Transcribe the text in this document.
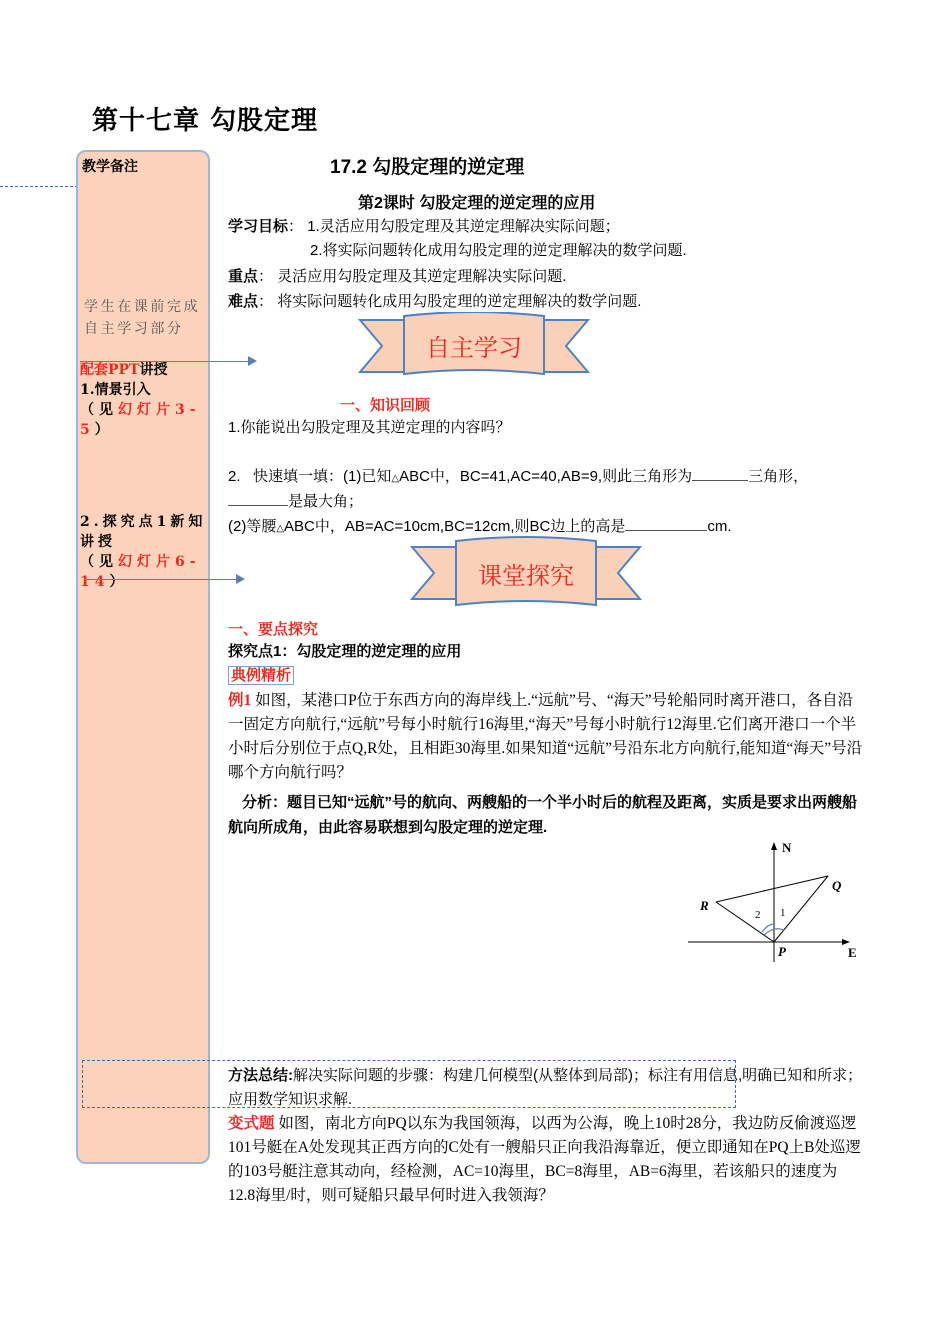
第十七章 勾股定理
教学备注
学生在课前完成自主学习部分
配套PPT讲授
1.情景引入
（见幻灯片3-5）
2.探究点1新知讲授
（见幻灯片6-14）
17.2 勾股定理的逆定理
第2课时 勾股定理的逆定理的应用
学习目标： 1.灵活应用勾股定理及其逆定理解决实际问题；
2.将实际问题转化成用勾股定理的逆定理解决的数学问题.
重点： 灵活应用勾股定理及其逆定理解决实际问题.
难点： 将实际问题转化成用勾股定理的逆定理解决的数学问题.
自主学习
一、知识回顾
1.你能说出勾股定理及其逆定理的内容吗？
2. 快速填一填：(1)已知△ABC中，BC=41,AC=40,AB=9,则此三角形为	三角形，
是最大角；
(2)等腰△ABC中，AB=AC=10cm,BC=12cm,则BC边上的高是	cm.
课堂探究
一、要点探究
探究点1：勾股定理的逆定理的应用
典例精析
例1 如图，某港口P位于东西方向的海岸线上.“远航”号、“海天”号轮船同时离开港口，各自沿一固定方向航行,“远航”号每小时航行16海里,“海天”号每小时航行12海里.它们离开港口一个半小时后分别位于点Q,R处，且相距30海里.如果知道“远航”号沿东北方向航行,能知道“海天”号沿哪个方向航行吗？
分析：题目已知“远航”号的航向、两艘船的一个半小时后的航程及距离，实质是要求出两艘船航向所成角，由此容易联想到勾股定理的逆定理.
N
E
P
Q
R	1
2
方法总结:解决实际问题的步骤：构建几何模型(从整体到局部)；标注有用信息,明确已知和所求；应用数学知识求解.
变式题 如图，南北方向PQ以东为我国领海，以西为公海，晚上10时28分，我边防反偷渡巡逻101号艇在A处发现其正西方向的C处有一艘船只正向我沿海靠近，便立即通知在PQ上B处巡逻的103号艇注意其动向，经检测，AC=10海里，BC=8海里，AB=6海里，若该船只的速度为12.8海里/时，则可疑船只最早何时进入我领海？
